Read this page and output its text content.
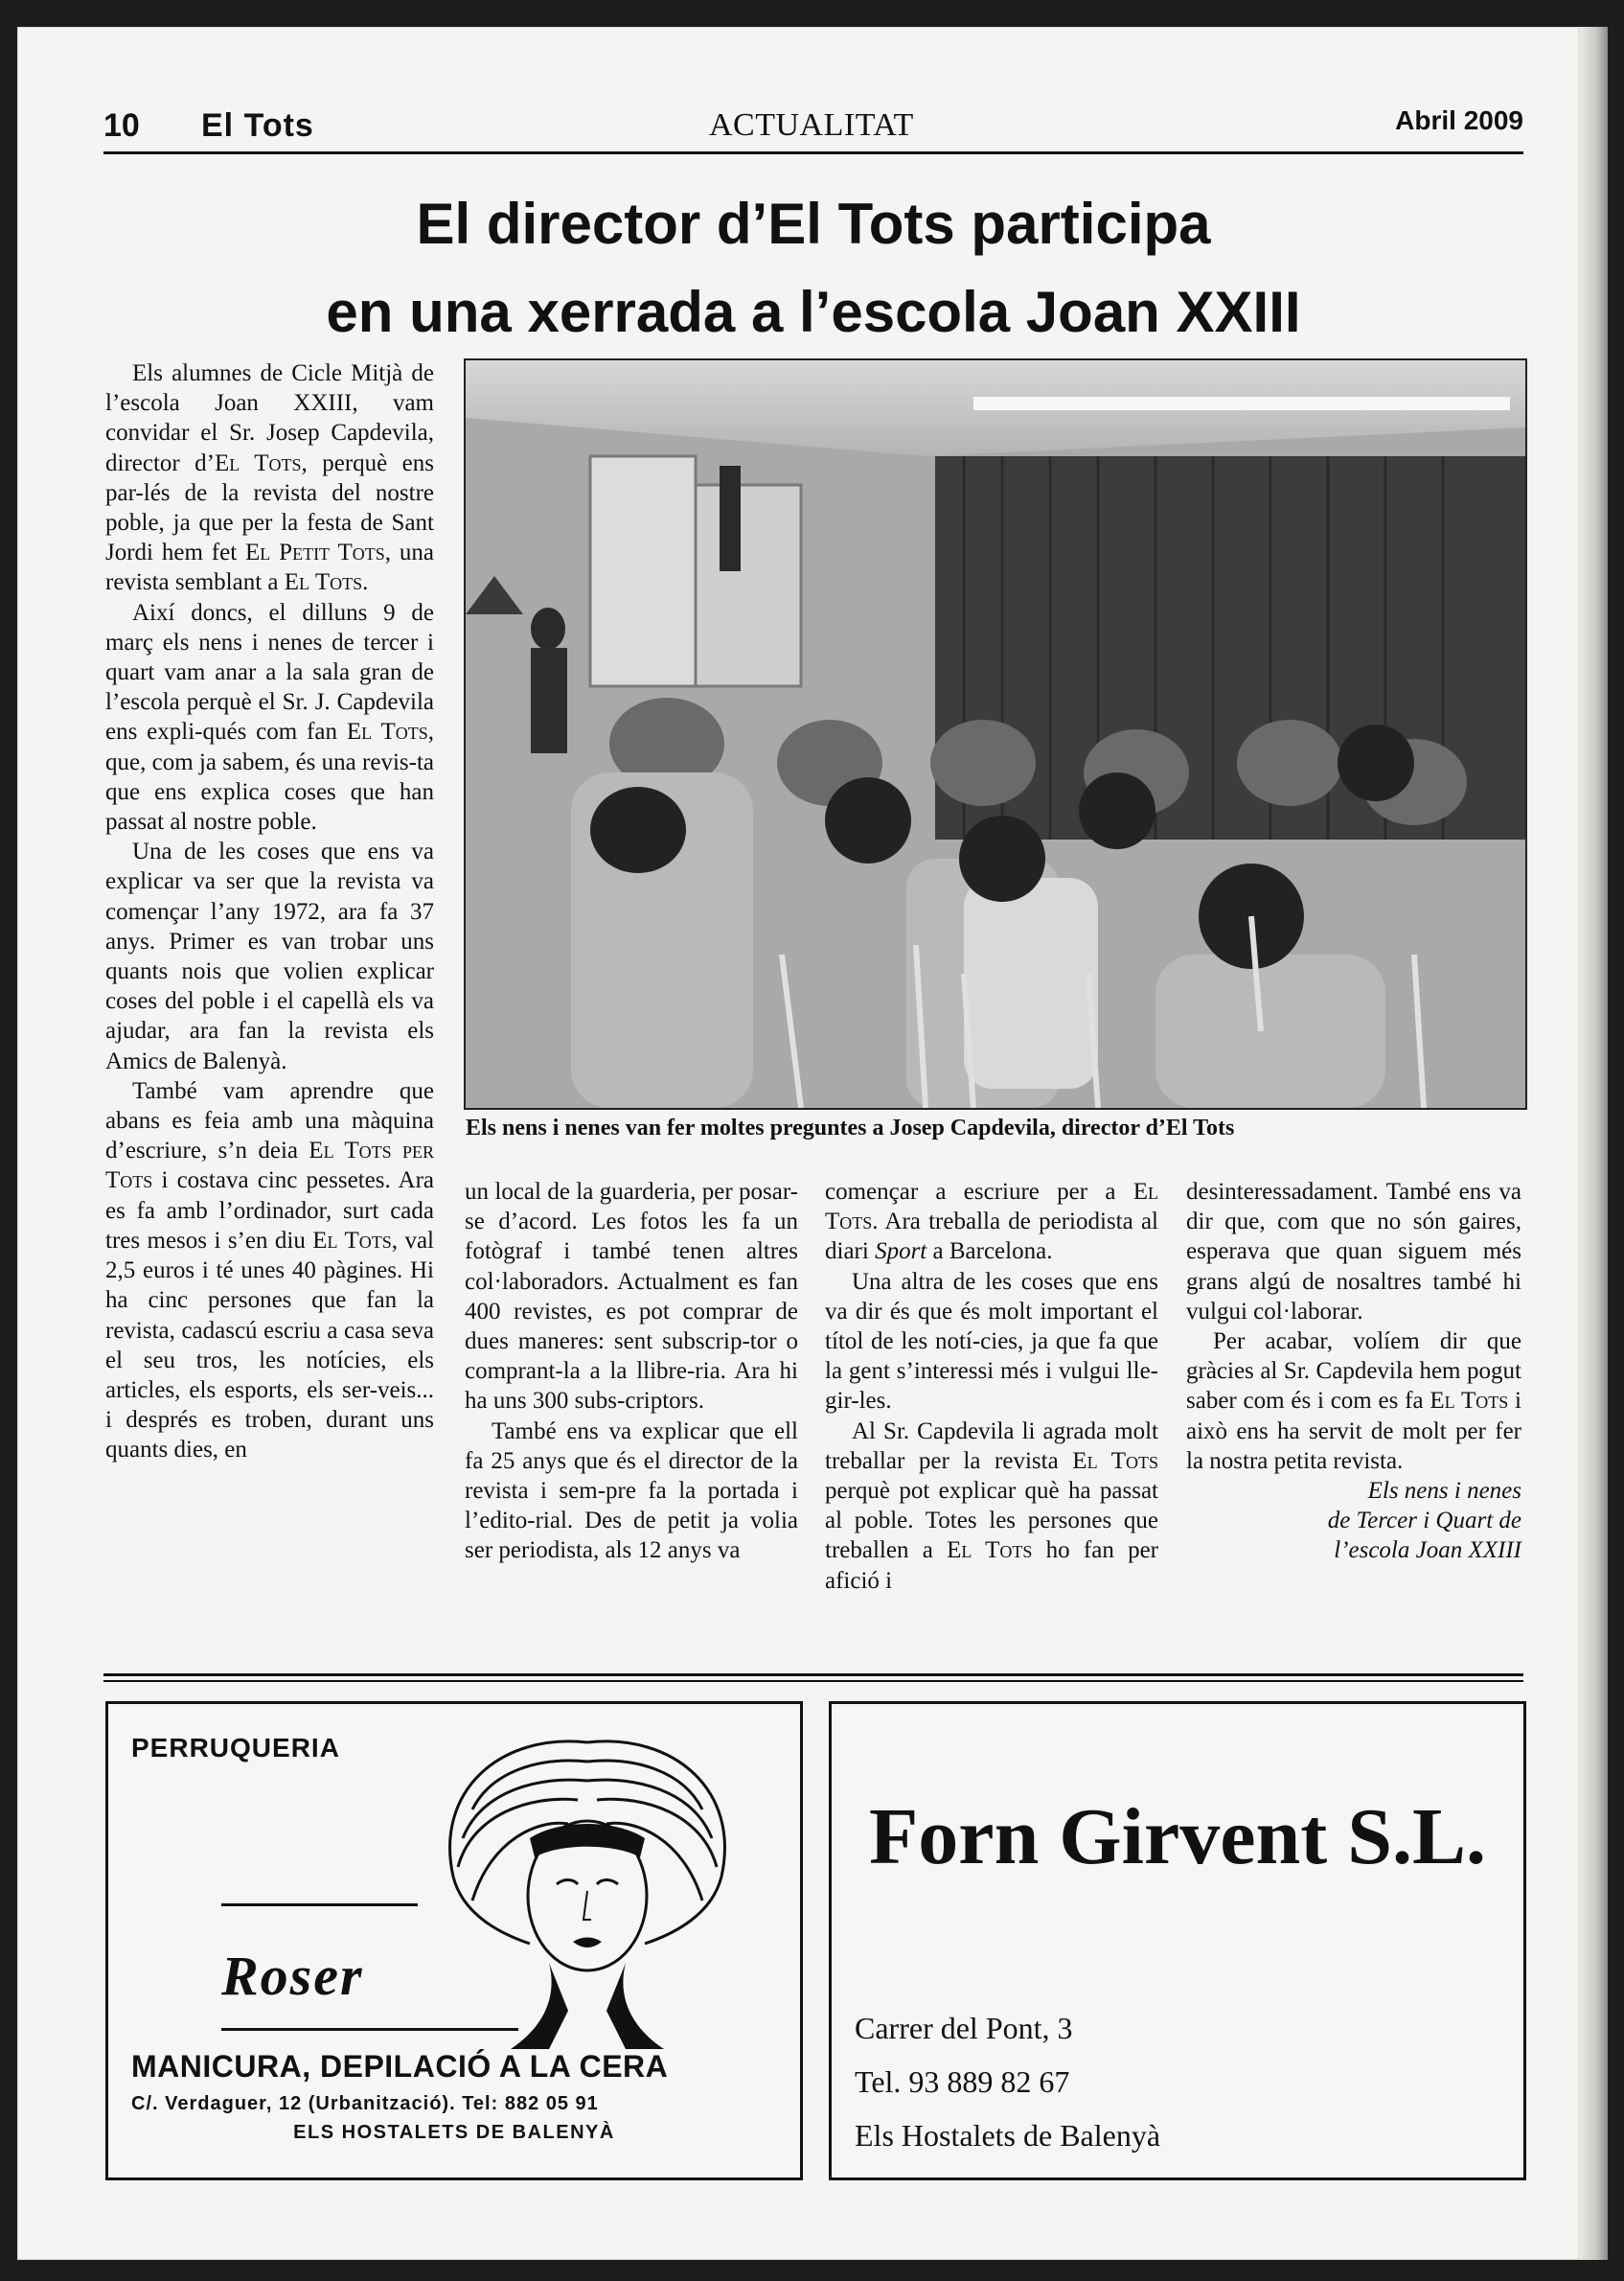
10 El Tots	ACTUALITAT	Abril 2009
El director d’El Tots participa
en una xerrada a l’escola Joan XXIII

Els alumnes de Cicle Mitjà de l’escola Joan XXIII, vam convidar el Sr. Josep Capdevila, director d’El Tots, perquè ens par-lés de la revista del nostre poble, ja que per la festa de Sant Jordi hem fet El Petit Tots, una revista semblant a El Tots.

Així doncs, el dilluns 9 de març els nens i nenes de tercer i quart vam anar a la sala gran de l’escola perquè el Sr. J. Capdevila ens expli-qués com fan El Tots, que, com ja sabem, és una revis-ta que ens explica coses que han passat al nostre poble.

Una de les coses que ens va explicar va ser que la revista va començar l’any 1972, ara fa 37 anys. Primer es van trobar uns quants nois que volien explicar coses del poble i el capellà els va ajudar, ara fan la revista els Amics de Balenyà.

També vam aprendre que abans es feia amb una màquina d’escriure, s’n deia El Tots per Tots i costava cinc pessetes. Ara es fa amb l’ordinador, surt cada tres mesos i s’en diu El Tots, val 2,5 euros i té unes 40 pàgines. Hi ha cinc persones que fan la revista, cadascú escriu a casa seva el seu tros, les notícies, els articles, els esports, els ser-veis... i després es troben, durant uns quants dies, en

Els nens i nenes van fer moltes preguntes a Josep Capdevila, director d’El Tots

un local de la guarderia, per posar-se d’acord. Les fotos les fa un fotògraf i també tenen altres col·laboradors. Actualment es fan 400 revistes, es pot comprar de dues maneres: sent subscrip-tor o comprant-la a la llibre-ria. Ara hi ha uns 300 subs-criptors.

També ens va explicar que ell fa 25 anys que és el director de la revista i sem-pre fa la portada i l’edito-rial. Des de petit ja volia ser periodista, als 12 anys va

començar a escriure per a El Tots. Ara treballa de periodista al diari Sport a Barcelona.

Una altra de les coses que ens va dir és que és molt important el títol de les notí-cies, ja que fa que la gent s’interessi més i vulgui lle-gir-les.

Al Sr. Capdevila li agrada molt treballar per la revista El Tots perquè pot explicar què ha passat al poble. Totes les persones que treballen a El Tots ho fan per afició i

desinteressadament. També ens va dir que, com que no són gaires, esperava que quan siguem més grans algú de nosaltres també hi vulgui col·laborar.

Per acabar, volíem dir que gràcies al Sr. Capdevila hem pogut saber com és i com es fa El Tots i això ens ha servit de molt per fer la nostra petita revista.

Els nens i nenes
de Tercer i Quart de
l’escola Joan XXIII

PERRUQUERIA
Roser
MANICURA, DEPILACIÓ A LA CERA
C/. Verdaguer, 12 (Urbanització). Tel: 882 05 91
ELS HOSTALETS DE BALENYÀ
Forn Girvent S.L.
Carrer del Pont, 3
Tel. 93 889 82 67
Els Hostalets de Balenyà
